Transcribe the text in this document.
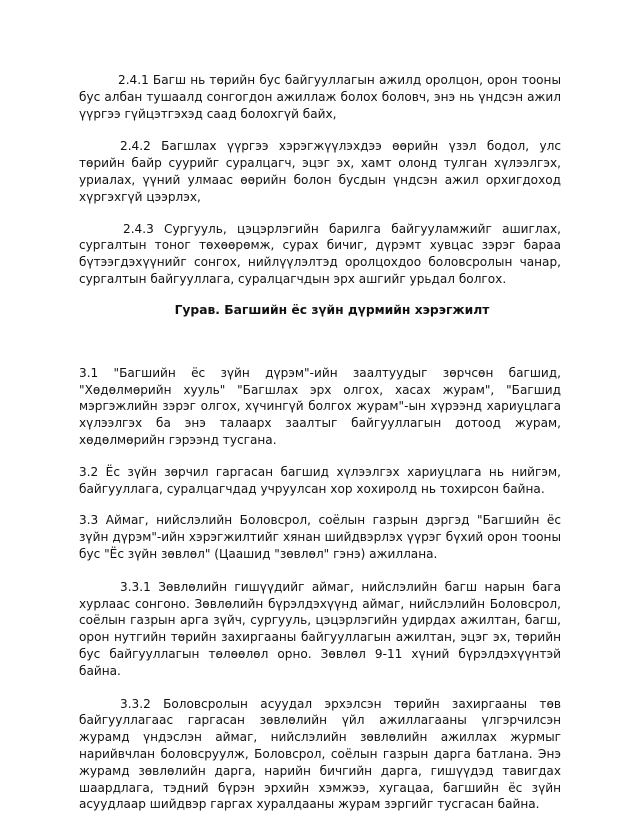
2.4.1 Багш нь төрийн бус байгууллагын ажилд оролцон, орон тооны бус албан тушаалд сонгогдон ажиллаж болох боловч, энэ нь үндсэн ажил үүргээ гүйцэтгэхэд саад болохгүй байх,

2.4.2 Багшлах үүргээ хэрэгжүүлэхдээ өөрийн үзэл бодол, улс төрийн байр суурийг суралцагч, эцэг эх, хамт олонд тулган хүлээлгэх, уриалах, үүний улмаас өөрийн болон бусдын үндсэн ажил орхигдоход хүргэхгүй цээрлэх,

2.4.3 Сургууль, цэцэрлэгийн барилга байгууламжийг ашиглах, сургалтын тоног төхөөрөмж, сурах бичиг, дүрэмт хувцас зэрэг бараа бүтээгдэхүүнийг сонгох, нийлүүлэлтэд оролцохдоо боловсролын чанар, сургалтын байгууллага, суралцагчдын эрх ашгийг урьдал болгох.

Гурав. Багшийн ёс зүйн дүрмийн хэрэгжилт

3.1 "Багшийн ёс зүйн дүрэм"-ийн заалтуудыг зөрчсөн багшид, "Хөдөлмөрийн хууль" "Багшлах эрх олгох, хасах журам", "Багшид мэргэжлийн зэрэг олгох, хүчингүй болгох журам"-ын хүрээнд хариуцлага хүлээлгэх ба энэ талаарх заалтыг байгууллагын дотоод журам, хөдөлмөрийн гэрээнд тусгана.

3.2 Ёс зүйн зөрчил гаргасан багшид хүлээлгэх хариуцлага нь нийгэм, байгууллага, суралцагчдад учруулсан хор хохиролд нь тохирсон байна.

3.3 Аймаг, нийслэлийн Боловсрол, соёлын газрын дэргэд "Багшийн ёс зүйн дүрэм"-ийн хэрэгжилтийг хянан шийдвэрлэх үүрэг бүхий орон тооны бус "Ёс зүйн зөвлөл" (Цаашид "зөвлөл" гэнэ) ажиллана.

3.3.1 Зөвлөлийн гишүүдийг аймаг, нийслэлийн багш нарын бага хурлаас сонгоно. Зөвлөлийн бүрэлдэхүүнд аймаг, нийслэлийн Боловсрол, соёлын газрын арга зүйч, сургууль, цэцэрлэгийн удирдах ажилтан, багш, орон нутгийн төрийн захиргааны байгууллагын ажилтан, эцэг эх, төрийн бус байгууллагын төлөөлөл орно. Зөвлөл 9-11 хүний бүрэлдэхүүнтэй байна.

3.3.2 Боловсролын асуудал эрхэлсэн төрийн захиргааны төв байгууллагаас гаргасан зөвлөлийн үйл ажиллагааны үлгэрчилсэн журамд үндэслэн аймаг, нийслэлийн зөвлөлийн ажиллах журмыг нарийвчлан боловсруулж, Боловсрол, соёлын газрын дарга батлана. Энэ журамд зөвлөлийн дарга, нарийн бичгийн дарга, гишүүдэд тавигдах шаардлага, тэдний бүрэн эрхийн хэмжээ, хугацаа, багшийн ёс зүйн асуудлаар шийдвэр гаргах хуралдааны журам зэргийг тусгасан байна.
